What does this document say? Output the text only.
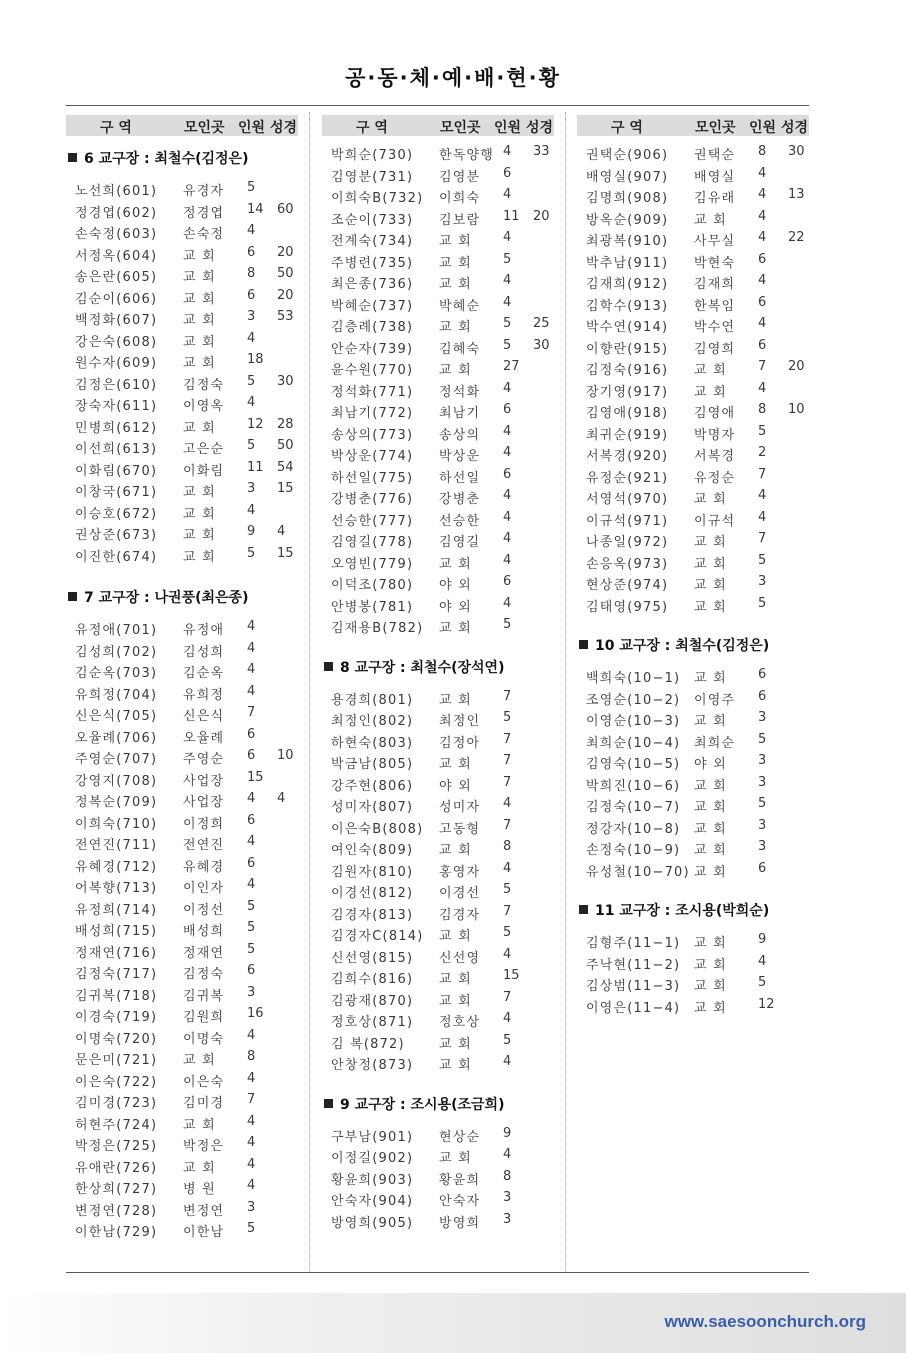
공·동·체·예·배·현·황
구 역	모인곳 인원 성경
6 교구장 : 최철수(김정은)
노선희(601) 유경자 5
정경엽(602) 정경엽 14 60
손숙정(603) 손숙정 4
서정옥(604) 교 회 6 20
송은란(605) 교 회 8 50
김순이(606) 교 회 6 20
백정화(607) 교 회 3 53
강은숙(608) 교 회 4
원수자(609) 교 회 18
김정은(610) 김정숙 5 30
장숙자(611) 이영옥 4
민병희(612) 교 회 12 28
이선희(613) 고은순 5 50
이화림(670) 이화림 11 54
이창국(671) 교 회 3 15
이승호(672) 교 회 4
권상준(673) 교 회 9 4
이진한(674) 교 회 5 15
7 교구장 : 나권풍(최은종)
유정애(701) 유정애 4
김성희(702) 김성희 4
김순옥(703) 김순옥 4
유희정(704) 유희정 4
신은식(705) 신은식 7
오율례(706) 오율례 6
주영순(707) 주영순 6 10
강영지(708) 사업장 15
정복순(709) 사업장 4 4
이희숙(710) 이정희 6
전연진(711) 전연진 4
유혜경(712) 유혜경 6
어복향(713) 이인자 4
유정희(714) 이정선 5
배성희(715) 배성희 5
정재연(716) 정재연 5
김정숙(717) 김정숙 6
김귀복(718) 김귀복 3
이경숙(719) 김원희 16
이명숙(720) 이명숙 4
문은미(721) 교 회 8
이은숙(722) 이은숙 4
김미경(723) 김미경 7
허현주(724) 교 회 4
박정은(725) 박정은 4
유애란(726) 교 회 4
한상희(727) 병 원 4
변정연(728) 변정연 3
이한남(729) 이한남 5
구 역	모인곳 인원 성경
박희순(730) 한독양행 4 33
김영분(731) 김영분 6
이희숙B(732) 이희숙 4
조순이(733) 김보람 11 20
전계숙(734) 교 회 4
주병련(735) 교 회 5
최은종(736) 교 회 4
박혜순(737) 박혜순 4
김층례(738) 교 회 5 25
안순자(739) 김혜숙 5 30
윤수원(770) 교 회 27
정석화(771) 정석화 4
최남기(772) 최남기 6
송상의(773) 송상의 4
박상운(774) 박상운 4
하선일(775) 하선일 6
강병춘(776) 강병춘 4
선승한(777) 선승한 4
김영길(778) 김영길 4
오영빈(779) 교 회 4
이덕조(780) 야 외 6
안병봉(781) 야 외 4
김재용B(782) 교 회 5
8 교구장 : 최철수(장석연)
용경희(801) 교 회 7
최정인(802) 최정인 5
하현숙(803) 김정아 7
박금남(805) 교 회 7
강주현(806) 야 외 7
성미자(807) 성미자 4
이은숙B(808) 고동형 7
여인숙(809) 교 회 8
김원자(810) 홍영자 4
이경선(812) 이경선 5
김경자(813) 김경자 7
김경자C(814) 교 회 5
신선영(815) 신선영 4
김희수(816) 교 회 15
김광재(870) 교 회 7
정호상(871) 정호상 4
김 복(872)	교 회 5
안창정(873) 교 회 4
9 교구장 : 조시용(조금희)
구부남(901) 현상순 9
이정길(902) 교 회 4
황윤희(903) 황윤희 8
안숙자(904) 안숙자 3
방영희(905) 방영희 3
구 역	모인곳 인원 성경
권택순(906) 권택순 8 30
배영실(907) 배영실 4
김명희(908) 김유래 4 13
방옥순(909) 교 회 4
최광복(910) 사무실 4 22
박추남(911) 박현숙 6
김재희(912) 김재희 4
김학수(913) 한복임 6
박수연(914) 박수연 4
이향란(915) 김영희 6
김정숙(916) 교 회 7 20
장기영(917) 교 회 4
김영애(918) 김영애 8 10
최귀순(919) 박명자 5
서복경(920) 서복경 2
유정순(921) 유정순 7
서영석(970) 교 회 4
이규석(971) 이규석 4
나종일(972) 교 회 7
손응옥(973) 교 회 5
현상준(974) 교 회 3
김태영(975) 교 회 5
10 교구장 : 최철수(김정은)
백희숙(10−1) 교 회 6
조영순(10−2) 이영주 6
이영순(10−3) 교 회 3
최희순(10−4) 최희순 5
김영숙(10−5) 야 외 3
박희진(10−6) 교 회 3
김정숙(10−7) 교 회 5
정강자(10−8) 교 회 3
손정숙(10−9) 교 회 3
유성철(10−70) 교 회 6
11 교구장 : 조시용(박희순)
김형주(11−1) 교 회 9
주낙현(11−2) 교 회 4
김상범(11−3) 교 회 5
이영은(11−4) 교 회 12
www.saesoonchurch.org
